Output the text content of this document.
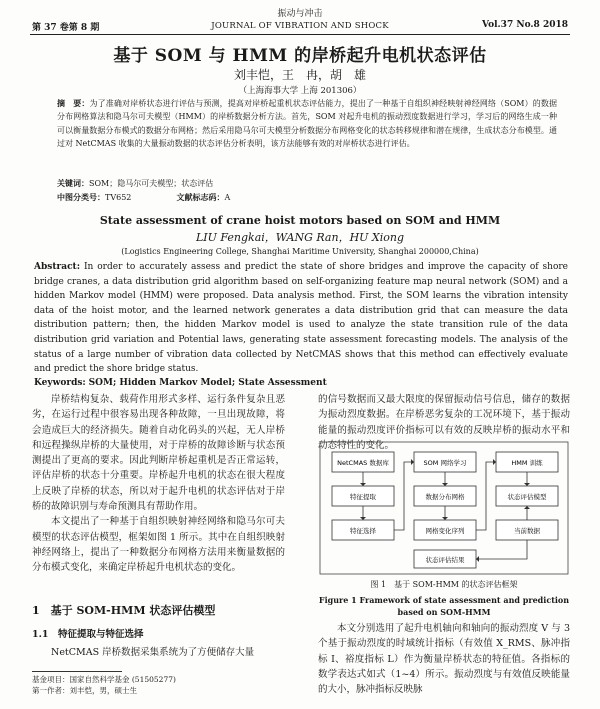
振动与冲击
第 37 卷第 8 期	JOURNAL OF VIBRATION AND SHOCK	Vol.37 No.8 2018
基于 SOM 与 HMM 的岸桥起升电机状态评估
刘丰恺，王　冉，胡　雄
（上海海事大学 上海 201306）
摘　要：为了准确对岸桥状态进行评估与预测，提高对岸桥起重机状态评估能力，提出了一种基于自组织神经映射神经网络（SOM）的数据分布网格算法和隐马尔可夫模型（HMM）的岸桥数据分析方法。首先，SOM 对起升电机的振动烈度数据进行学习，学习后的网络生成一种可以衡量数据分布模式的数据分布网格；然后采用隐马尔可夫模型分析数据分布网格变化的状态转移规律和潜在规律，生成状态分布模型。通过对 NetCMAS 收集的大量振动数据的状态评估分析表明，该方法能够有效的对岸桥状态进行评估。
关键词：SOM；隐马尔可夫模型；状态评估
中图分类号：TV652	文献标志码：A
State assessment of crane hoist motors based on SOM and HMM
LIU Fengkai，WANG Ran，HU Xiong
(Logistics Engineering College, Shanghai Maritime University, Shanghai 200000,China)
Abstract: In order to accurately assess and predict the state of shore bridges and improve the capacity of shore bridge cranes, a data distribution grid algorithm based on self-organizing feature map neural network (SOM) and a hidden Markov model (HMM) were proposed. Data analysis method. First, the SOM learns the vibration intensity data of the hoist motor, and the learned network generates a data distribution grid that can measure the data distribution pattern; then, the hidden Markov model is used to analyze the state transition rule of the data distribution grid variation and Potential laws, generating state assessment forecasting models. The analysis of the status of a large number of vibration data collected by NetCMAS shows that this method can effectively evaluate and predict the shore bridge status.
Keywords: SOM; Hidden Markov Model; State Assessment

岸桥结构复杂、载荷作用形式多样、运行条件复杂且恶劣，在运行过程中很容易出现各种故障，一旦出现故障，将会造成巨大的经济损失。随着自动化码头的兴起，无人岸桥和远程操纵岸桥的大量使用，对于岸桥的故障诊断与状态预测提出了更高的要求。因此判断岸桥起重机是否正常运转，评估岸桥的状态十分重要。岸桥起升电机的状态在很大程度上反映了岸桥的状态，所以对于起升电机的状态评估对于岸桥的故障识别与寿命预测具有帮助作用。

本文提出了一种基于自组织映射神经网络和隐马尔可夫模型的状态评估模型，框架如图 1 所示。其中在自组织映射神经网络上，提出了一种数据分布网格方法用来衡量数据的分布模式变化，来确定岸桥起升电机状态的变化。

1　基于 SOM-HMM 状态评估模型
1.1　特征提取与特征选择

NetCMAS 岸桥数据采集系统为了方便储存大量

基金项目：国家自然科学基金 (51505277)
第一作者：刘丰恺，男，硕士生

的信号数据而又最大限度的保留振动信号信息，储存的数据为振动烈度数据。在岸桥恶劣复杂的工况环境下，基于振动能量的振动烈度评价指标可以有效的反映岸桥的振动水平和动态特性的变化。

NetCMAS 数据库
特征提取
特征选择
SOM 网络学习
数据分布网格
网格变化序列
HMM 训练
状态评估模型
当前数据
状态评估结果
图 1　基于 SOM-HMM 的状态评估框架
Figure 1 Framework of state assessment and prediction based on SOM-HMM

本文分别选用了起升电机轴向和轴向的振动烈度 V 与 3 个基于振动烈度的时域统计指标（有效值 X_RMS、脉冲指标 I、裕度指标 L）作为衡量岸桥状态的特征值。各指标的数学表达式如式（1~4）所示。振动烈度与有效值反映能量的大小，脉冲指标反映脉
